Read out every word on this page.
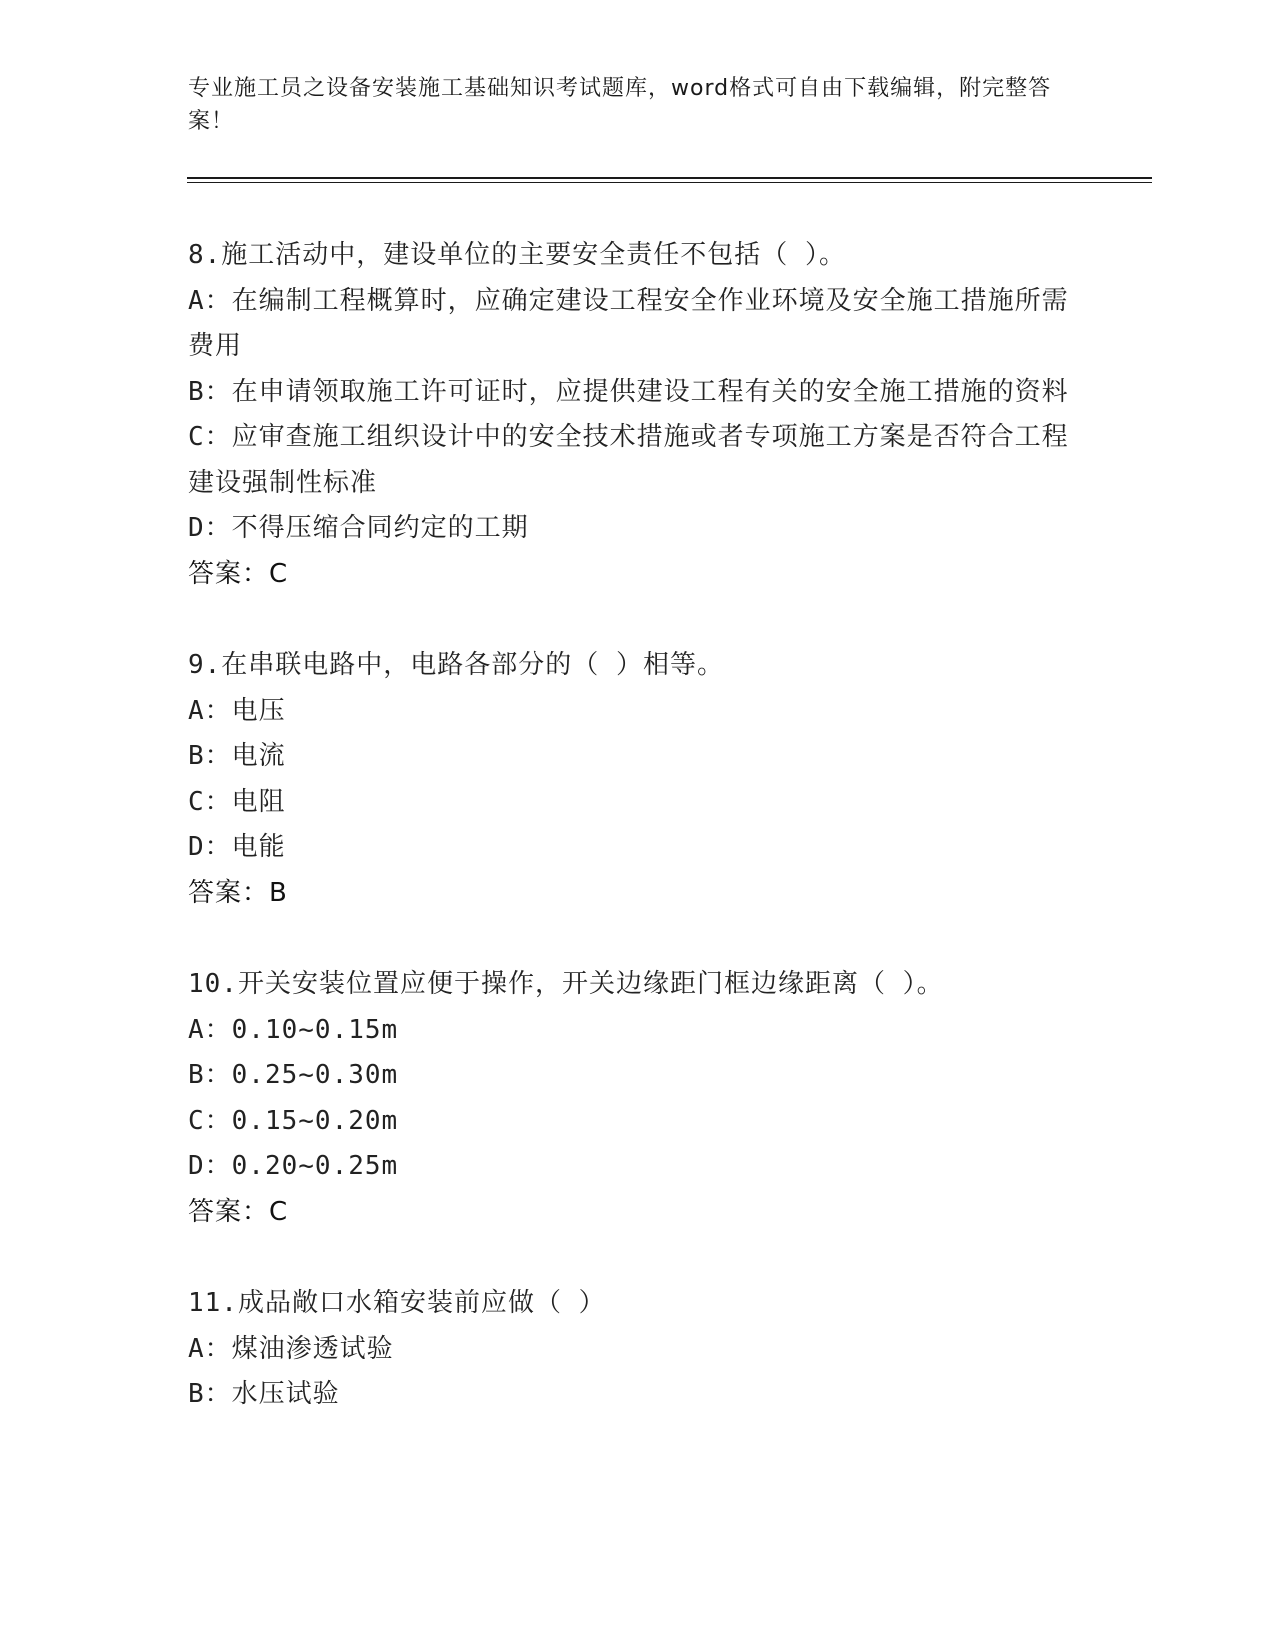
专业施工员之设备安装施工基础知识考试题库，word格式可自由下载编辑，附完整答案！
8.施工活动中，建设单位的主要安全责任不包括（ ）。
A：在编制工程概算时，应确定建设工程安全作业环境及安全施工措施所需费用
B：在申请领取施工许可证时，应提供建设工程有关的安全施工措施的资料
C：应审查施工组织设计中的安全技术措施或者专项施工方案是否符合工程建设强制性标准
D：不得压缩合同约定的工期
答案：C
9.在串联电路中，电路各部分的（ ）相等。
A：电压
B：电流
C：电阻
D：电能
答案：B
10.开关安装位置应便于操作，开关边缘距门框边缘距离（ ）。
A：0.10~0.15m
B：0.25~0.30m
C：0.15~0.20m
D：0.20~0.25m
答案：C
11.成品敞口水箱安装前应做（ ）
A：煤油渗透试验
B：水压试验
